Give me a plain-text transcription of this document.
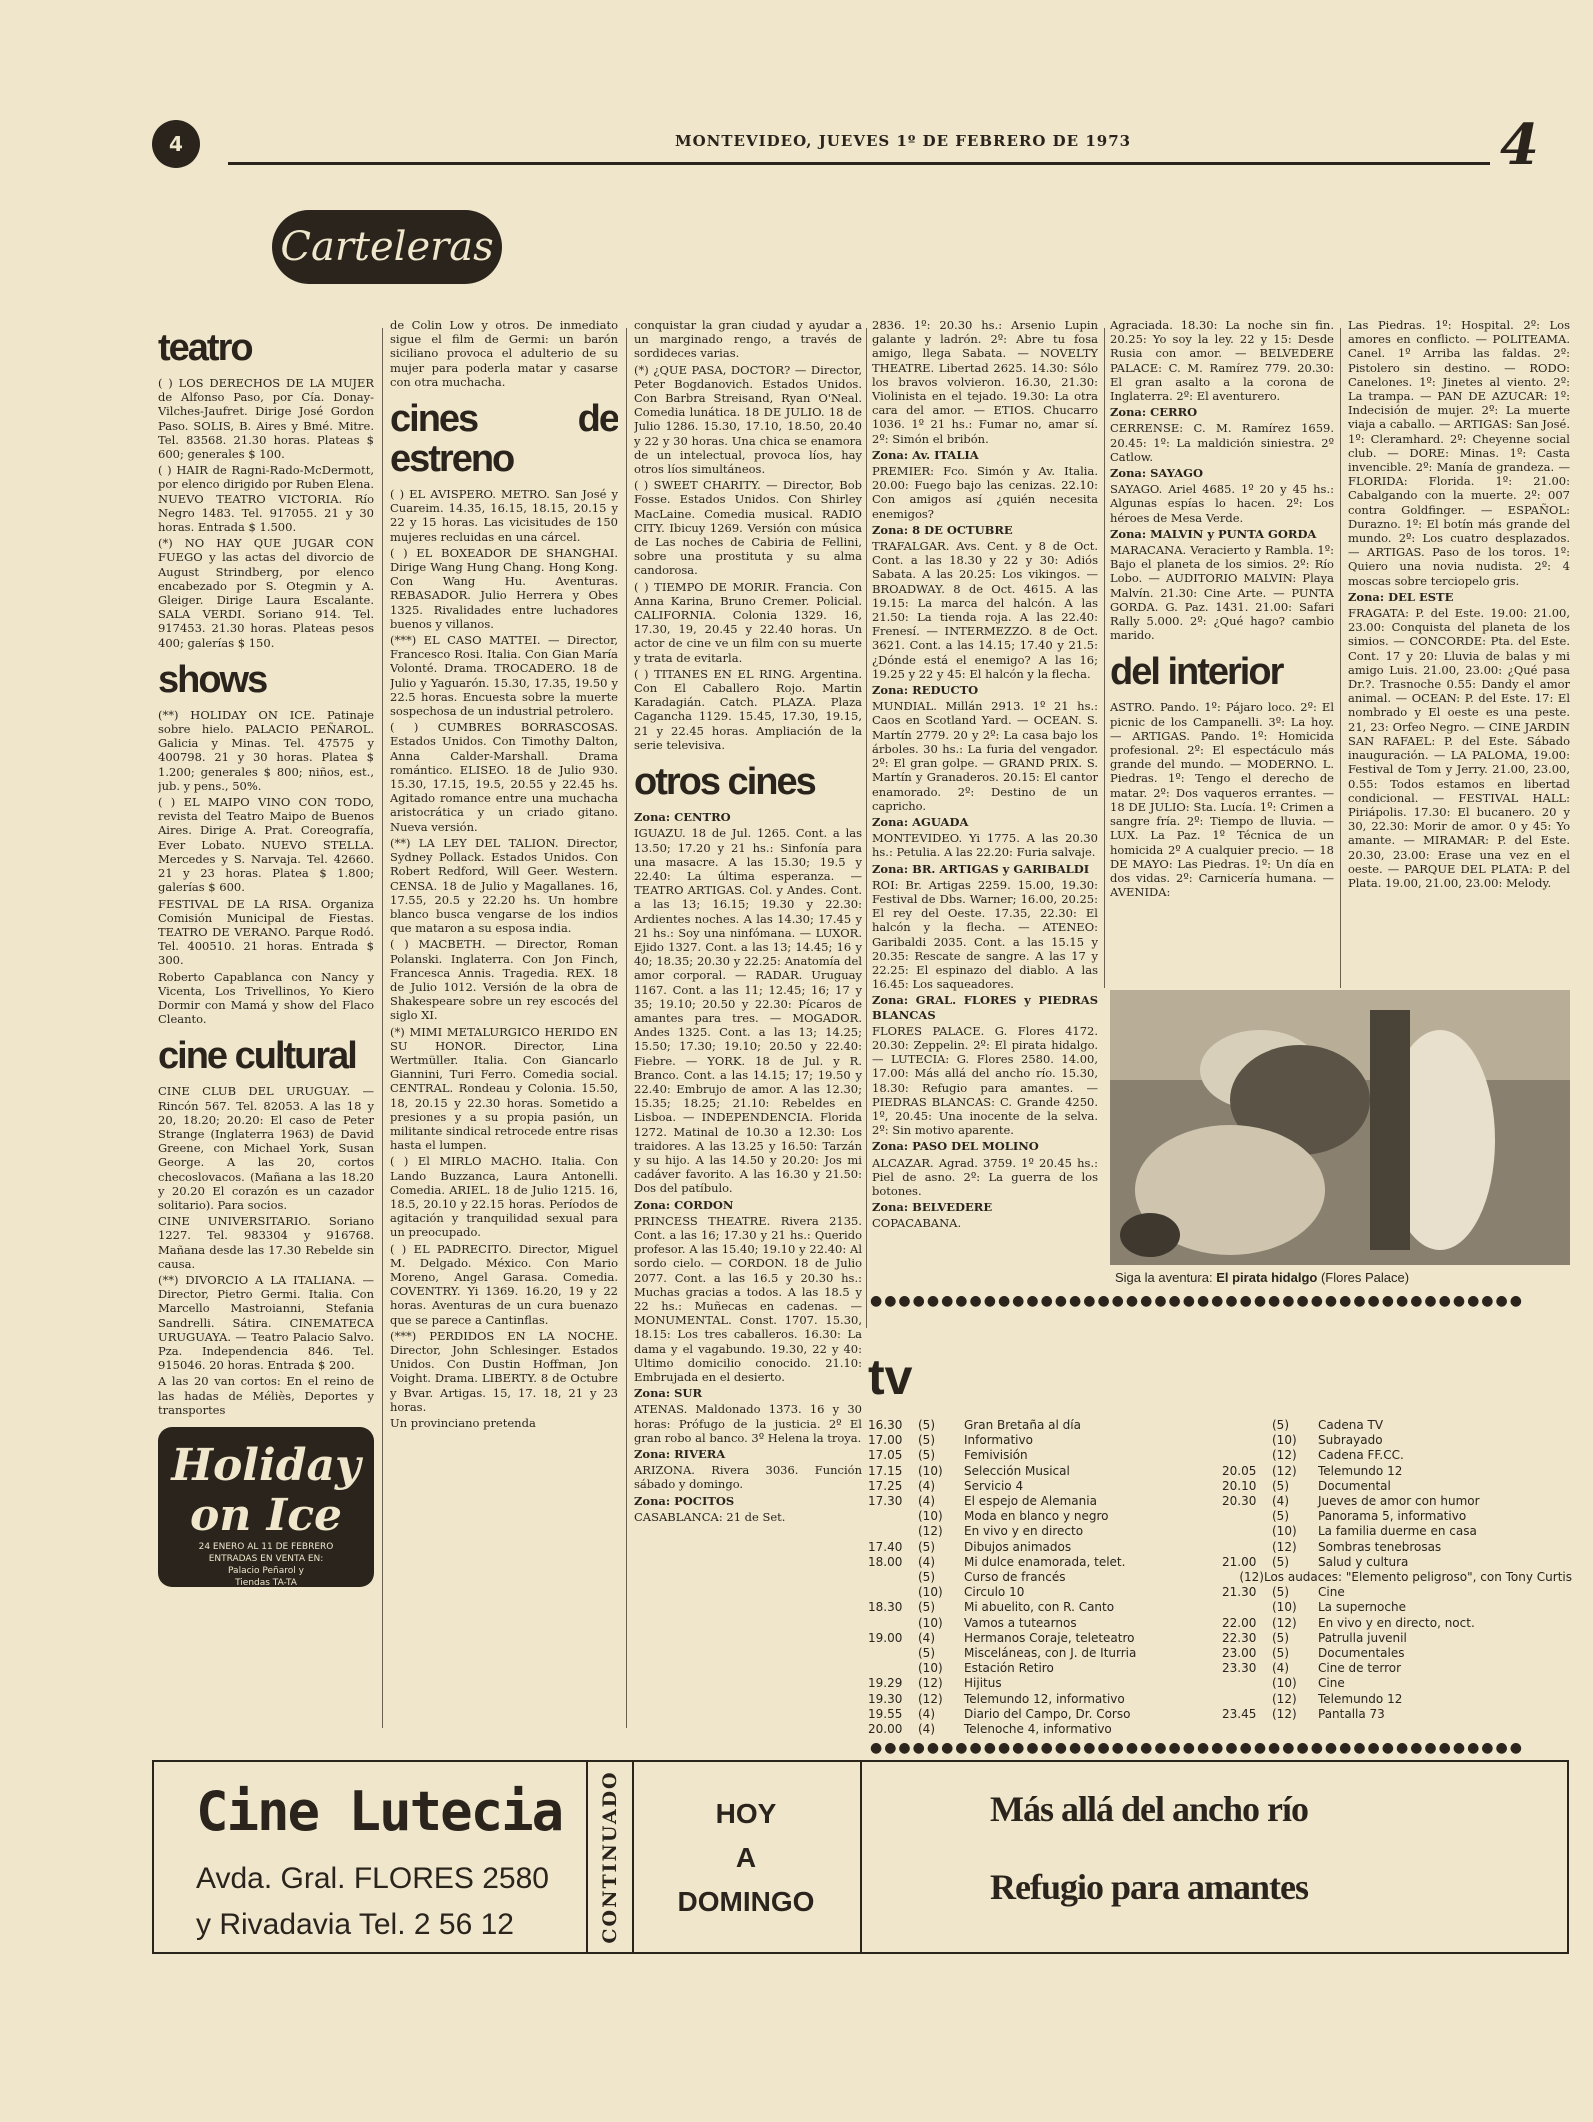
4	MONTEVIDEO, JUEVES 1º DE FEBRERO DE 1973	4
Carteleras
teatro

( ) LOS DERECHOS DE LA MUJER de Alfonso Paso, por Cía. Donay-Vilches-Jaufret. Dirige José Gordon Paso. SOLIS, B. Aires y Bmé. Mitre. Tel. 83568. 21.30 horas. Plateas $ 600; generales $ 100.

( ) HAIR de Ragni-Rado-McDermott, por elenco dirigido por Ruben Elena. NUEVO TEATRO VICTORIA. Río Negro 1483. Tel. 917055. 21 y 30 horas. Entrada $ 1.500.

(*) NO HAY QUE JUGAR CON FUEGO y las actas del divorcio de August Strindberg, por elenco encabezado por S. Otegmin y A. Gleiger. Dirige Laura Escalante. SALA VERDI. Soriano 914. Tel. 917453. 21.30 horas. Plateas pesos 400; galerías $ 150.

shows

(**) HOLIDAY ON ICE. Patinaje sobre hielo. PALACIO PEÑAROL. Galicia y Minas. Tel. 47575 y 400798. 21 y 30 horas. Platea $ 1.200; generales $ 800; niños, est., jub. y pens., 50%.

( ) EL MAIPO VINO CON TODO, revista del Teatro Maipo de Buenos Aires. Dirige A. Prat. Coreografía, Ever Lobato. NUEVO STELLA. Mercedes y S. Narvaja. Tel. 42660. 21 y 23 horas. Platea $ 1.800; galerías $ 600.

FESTIVAL DE LA RISA. Organiza Comisión Municipal de Fiestas. TEATRO DE VERANO. Parque Rodó. Tel. 400510. 21 horas. Entrada $ 300.

Roberto Capablanca con Nancy y Vicenta, Los Trivellinos, Yo Kiero Dormir con Mamá y show del Flaco Cleanto.

cine cultural

CINE CLUB DEL URUGUAY. — Rincón 567. Tel. 82053. A las 18 y 20, 18.20; 20.20: El caso de Peter Strange (Inglaterra 1963) de David Greene, con Michael York, Susan George. A las 20, cortos checoslovacos. (Mañana a las 18.20 y 20.20 El corazón es un cazador solitario). Para socios.

CINE UNIVERSITARIO. Soriano 1227. Tel. 983304 y 916768. Mañana desde las 17.30 Rebelde sin causa.

(**) DIVORCIO A LA ITALIANA. — Director, Pietro Germi. Italia. Con Marcello Mastroianni, Stefania Sandrelli. Sátira. CINEMATECA URUGUAYA. — Teatro Palacio Salvo. Pza. Independencia 846. Tel. 915046. 20 horas. Entrada $ 200.

A las 20 van cortos: En el reino de las hadas de Méliès, Deportes y transportes

Holiday on Ice
24 ENERO AL 11 DE FEBRERO
ENTRADAS EN VENTA EN:
Palacio Peñarol y
Tiendas TA-TA
Presenta: Palacio Peñarol

de Colin Low y otros. De inmediato sigue el film de Germi: un barón siciliano provoca el adulterio de su mujer para poderla matar y casarse con otra muchacha.

cines de estreno

( ) EL AVISPERO. METRO. San José y Cuareim. 14.35, 16.15, 18.15, 20.15 y 22 y 15 horas. Las vicisitudes de 150 mujeres recluidas en una cárcel.

( ) EL BOXEADOR DE SHANGHAI. Dirige Wang Hung Chang. Hong Kong. Con Wang Hu. Aventuras. REBASADOR. Julio Herrera y Obes 1325. Rivalidades entre luchadores buenos y villanos.

(***) EL CASO MATTEI. — Director, Francesco Rosi. Italia. Con Gian María Volonté. Drama. TROCADERO. 18 de Julio y Yaguarón. 15.30, 17.35, 19.50 y 22.5 horas. Encuesta sobre la muerte sospechosa de un industrial petrolero.

( ) CUMBRES BORRASCOSAS. Estados Unidos. Con Timothy Dalton, Anna Calder-Marshall. Drama romántico. ELISEO. 18 de Julio 930. 15.30, 17.15, 19.5, 20.55 y 22.45 hs. Agitado romance entre una muchacha aristocrática y un criado gitano. Nueva versión.

(**) LA LEY DEL TALION. Director, Sydney Pollack. Estados Unidos. Con Robert Redford, Will Geer. Western. CENSA. 18 de Julio y Magallanes. 16, 17.55, 20.5 y 22.20 hs. Un hombre blanco busca vengarse de los indios que mataron a su esposa india.

( ) MACBETH. — Director, Roman Polanski. Inglaterra. Con Jon Finch, Francesca Annis. Tragedia. REX. 18 de Julio 1012. Versión de la obra de Shakespeare sobre un rey escocés del siglo XI.

(*) MIMI METALURGICO HERIDO EN SU HONOR. Director, Lina Wertmüller. Italia. Con Giancarlo Giannini, Turi Ferro. Comedia social. CENTRAL. Rondeau y Colonia. 15.50, 18, 20.15 y 22.30 horas. Sometido a presiones y a su propia pasión, un militante sindical retrocede entre risas hasta el lumpen.

( ) El MIRLO MACHO. Italia. Con Lando Buzzanca, Laura Antonelli. Comedia. ARIEL. 18 de Julio 1215. 16, 18.5, 20.10 y 22.15 horas. Períodos de agitación y tranquilidad sexual para un preocupado.

( ) EL PADRECITO. Director, Miguel M. Delgado. México. Con Mario Moreno, Angel Garasa. Comedia. COVENTRY. Yi 1369. 16.20, 19 y 22 horas. Aventuras de un cura buenazo que se parece a Cantinflas.

(***) PERDIDOS EN LA NOCHE. Director, John Schlesinger. Estados Unidos. Con Dustin Hoffman, Jon Voight. Drama. LIBERTY. 8 de Octubre y Bvar. Artigas. 15, 17. 18, 21 y 23 horas.

Un provinciano pretenda

conquistar la gran ciudad y ayudar a un marginado rengo, a través de sordideces varias.

(*) ¿QUE PASA, DOCTOR? — Director, Peter Bogdanovich. Estados Unidos. Con Barbra Streisand, Ryan O'Neal. Comedia lunática. 18 DE JULIO. 18 de Julio 1286. 15.30, 17.10, 18.50, 20.40 y 22 y 30 horas. Una chica se enamora de un intelectual, provoca líos, hay otros líos simultáneos.

( ) SWEET CHARITY. — Director, Bob Fosse. Estados Unidos. Con Shirley MacLaine. Comedia musical. RADIO CITY. Ibicuy 1269. Versión con música de Las noches de Cabiria de Fellini, sobre una prostituta y su alma candorosa.

( ) TIEMPO DE MORIR. Francia. Con Anna Karina, Bruno Cremer. Policial. CALIFORNIA. Colonia 1329. 16, 17.30, 19, 20.45 y 22.40 horas. Un actor de cine ve un film con su muerte y trata de evitarla.

( ) TITANES EN EL RING. Argentina. Con El Caballero Rojo. Martin Karadagián. Catch. PLAZA. Plaza Cagancha 1129. 15.45, 17.30, 19.15, 21 y 22.45 horas. Ampliación de la serie televisiva.

otros cines

Zona: CENTRO

IGUAZU. 18 de Jul. 1265. Cont. a las 13.50; 17.20 y 21 hs.: Sinfonía para una masacre. A las 15.30; 19.5 y 22.40: La última esperanza. — TEATRO ARTIGAS. Col. y Andes. Cont. a las 13; 16.15; 19.30 y 22.30: Ardientes noches. A las 14.30; 17.45 y 21 hs.: Soy una ninfómana. — LUXOR. Ejido 1327. Cont. a las 13; 14.45; 16 y 40; 18.35; 20.30 y 22.25: Anatomía del amor corporal. — RADAR. Uruguay 1167. Cont. a las 11; 12.45; 16; 17 y 35; 19.10; 20.50 y 22.30: Pícaros de amantes para tres. — MOGADOR. Andes 1325. Cont. a las 13; 14.25; 15.50; 17.30; 19.10; 20.50 y 22.40: Fiebre. — YORK. 18 de Jul. y R. Branco. Cont. a las 14.15; 17; 19.50 y 22.40: Embrujo de amor. A las 12.30; 15.35; 18.25; 21.10: Rebeldes en Lisboa. — INDEPENDENCIA. Florida 1272. Matinal de 10.30 a 12.30: Los traidores. A las 13.25 y 16.50: Tarzán y su hijo. A las 14.50 y 20.20: Jos mi cadáver favorito. A las 16.30 y 21.50: Dos del patíbulo.

Zona: CORDON

PRINCESS THEATRE. Rivera 2135. Cont. a las 16; 17.30 y 21 hs.: Querido profesor. A las 15.40; 19.10 y 22.40: Al sordo cielo. — CORDON. 18 de Julio 2077. Cont. a las 16.5 y 20.30 hs.: Muchas gracias a todos. A las 18.5 y 22 hs.: Muñecas en cadenas. — MONUMENTAL. Const. 1707. 15.30, 18.15: Los tres caballeros. 16.30: La dama y el vagabundo. 19.30, 22 y 40: Ultimo domicilio conocido. 21.10: Embrujada en el desierto.

Zona: SUR

ATENAS. Maldonado 1373. 16 y 30 horas: Prófugo de la justicia. 2º El gran robo al banco. 3º Helena la troya.

Zona: RIVERA

ARIZONA. Rivera 3036. Función sábado y domingo.

Zona: POCITOS

CASABLANCA: 21 de Set.

2836. 1º: 20.30 hs.: Arsenio Lupin galante y ladrón. 2º: Abre tu fosa amigo, llega Sabata. — NOVELTY THEATRE. Libertad 2625. 14.30: Sólo los bravos volvieron. 16.30, 21.30: Violinista en el tejado. 19.30: La otra cara del amor. — ETIOS. Chucarro 1036. 1º 21 hs.: Fumar no, amar sí. 2º: Simón el bribón.

Zona: Av. ITALIA

PREMIER: Fco. Simón y Av. Italia. 20.00: Fuego bajo las cenizas. 22.10: Con amigos así ¿quién necesita enemigos?

Zona: 8 DE OCTUBRE

TRAFALGAR. Avs. Cent. y 8 de Oct. Cont. a las 18.30 y 22 y 30: Adiós Sabata. A las 20.25: Los vikingos. — BROADWAY. 8 de Oct. 4615. A las 19.15: La marca del halcón. A las 21.50: La tienda roja. A las 22.40: Frenesí. — INTERMEZZO. 8 de Oct. 3621. Cont. a las 14.15; 17.40 y 21.5: ¿Dónde está el enemigo? A las 16; 19.25 y 22 y 45: El halcón y la flecha.

Zona: REDUCTO

MUNDIAL. Millán 2913. 1º 21 hs.: Caos en Scotland Yard. — OCEAN. S. Martín 2779. 20 y 2º: La casa bajo los árboles. 30 hs.: La furia del vengador. 2º: El gran golpe. — GRAND PRIX. S. Martín y Granaderos. 20.15: El cantor enamorado. 2º: Destino de un capricho.

Zona: AGUADA

MONTEVIDEO. Yi 1775. A las 20.30 hs.: Petulia. A las 22.20: Furia salvaje.

Zona: BR. ARTIGAS y GARIBALDI

ROI: Br. Artigas 2259. 15.00, 19.30: Festival de Dbs. Warner; 16.00, 20.25: El rey del Oeste. 17.35, 22.30: El halcón y la flecha. — ATENEO: Garibaldi 2035. Cont. a las 15.15 y 20.35: Rescate de sangre. A las 17 y 22.25: El espinazo del diablo. A las 16.45: Los saqueadores.

Zona: GRAL. FLORES y PIEDRAS BLANCAS

FLORES PALACE. G. Flores 4172. 20.30: Zeppelin. 2º: El pirata hidalgo. — LUTECIA: G. Flores 2580. 14.00, 17.00: Más allá del ancho río. 15.30, 18.30: Refugio para amantes. — PIEDRAS BLANCAS: C. Grande 4250. 1º, 20.45: Una inocente de la selva. 2º: Sin motivo aparente.

Zona: PASO DEL MOLINO

ALCAZAR. Agrad. 3759. 1º 20.45 hs.: Piel de asno. 2º: La guerra de los botones.

Zona: BELVEDERE

COPACABANA.

Agraciada. 18.30: La noche sin fin. 20.25: Yo soy la ley. 22 y 15: Desde Rusia con amor. — BELVEDERE PALACE: C. M. Ramírez 779. 20.30: El gran asalto a la corona de Inglaterra. 2º: El aventurero.

Zona: CERRO

CERRENSE: C. M. Ramírez 1659. 20.45: 1º: La maldición siniestra. 2º Catlow.

Zona: SAYAGO

SAYAGO. Ariel 4685. 1º 20 y 45 hs.: Algunas espías lo hacen. 2º: Los héroes de Mesa Verde.

Zona: MALVIN y PUNTA GORDA

MARACANA. Veracierto y Rambla. 1º: Bajo el planeta de los simios. 2º: Río Lobo. — AUDITORIO MALVIN: Playa Malvín. 21.30: Cine Arte. — PUNTA GORDA. G. Paz. 1431. 21.00: Safari Rally 5.000. 2º: ¿Qué hago? cambio marido.

del interior

ASTRO. Pando. 1º: Pájaro loco. 2º: El picnic de los Campanelli. 3º: La hoy. — ARTIGAS. Pando. 1º: Homicida profesional. 2º: El espectáculo más grande del mundo. — MODERNO. L. Piedras. 1º: Tengo el derecho de matar. 2º: Dos vaqueros errantes. — 18 DE JULIO: Sta. Lucía. 1º: Crimen a sangre fría. 2º: Tiempo de lluvia. — LUX. La Paz. 1º Técnica de un homicida 2º A cualquier precio. — 18 DE MAYO: Las Piedras. 1º: Un día en dos vidas. 2º: Carnicería humana. — AVENIDA:

Las Piedras. 1º: Hospital. 2º: Los amores en conflicto. — POLITEAMA. Canel. 1º Arriba las faldas. 2º: Pistolero sin destino. — RODO: Canelones. 1º: Jinetes al viento. 2º: La trampa. — PAN DE AZUCAR: 1º: Indecisión de mujer. 2º: La muerte viaja a caballo. — ARTIGAS: San José. 1º: Cleramhard. 2º: Cheyenne social club. — DORE: Minas. 1º: Casta invencible. 2º: Manía de grandeza. — FLORIDA: Florida. 1º: 21.00: Cabalgando con la muerte. 2º: 007 contra Goldfinger. — ESPAÑOL: Durazno. 1º: El botín más grande del mundo. 2º: Los cuatro desplazados. — ARTIGAS. Paso de los toros. 1º: Quiero una novia nudista. 2º: 4 moscas sobre terciopelo gris.

Zona: DEL ESTE

FRAGATA: P. del Este. 19.00: 21.00, 23.00: Conquista del planeta de los simios. — CONCORDE: Pta. del Este. Cont. 17 y 20: Lluvia de balas y mi amigo Luis. 21.00, 23.00: ¿Qué pasa Dr.?. Trasnoche 0.55: Dandy el amor animal. — OCEAN: P. del Este. 17: El nombrado y El oeste es una peste. 21, 23: Orfeo Negro. — CINE JARDIN SAN RAFAEL: P. del Este. Sábado inauguración. — LA PALOMA, 19.00: Festival de Tom y Jerry. 21.00, 23.00, 0.55: Todos estamos en libertad condicional. — FESTIVAL HALL: Piriápolis. 17.30: El bucanero. 20 y 30, 22.30: Morir de amor. 0 y 45: Yo amante. — MIRAMAR: P. del Este. 20.30, 23.00: Erase una vez en el oeste. — PARQUE DEL PLATA: P. del Plata. 19.00, 21.00, 23.00: Melody.

Siga la aventura: El pirata hidalgo (Flores Palace)
●●●●●●●●●●●●●●●●●●●●●●●●●●●●●●●●●●●●●●●●●●●●●●
tv
16.30	(5)	Gran Bretaña al día
17.00	(5)	Informativo
17.05	(5)	Femivisión
17.15	(10)	Selección Musical
17.25	(4)	Servicio 4
17.30	(4)	El espejo de Alemania
(10)	Moda en blanco y negro
(12)	En vivo y en directo
17.40	(5)	Dibujos animados
18.00	(4)	Mi dulce enamorada, telet.
(5)	Curso de francés
(10)	Circulo 10
18.30	(5)	Mi abuelito, con R. Canto
(10)	Vamos a tutearnos
19.00	(4)	Hermanos Coraje, teleteatro
(5)	Misceláneas, con J. de Iturria
(10)	Estación Retiro
19.29	(12)	Hijitus
19.30	(12)	Telemundo 12, informativo
19.55	(4)	Diario del Campo, Dr. Corso
20.00	(4)	Telenoche 4, informativo
(5)	Cadena TV
(10)	Subrayado
(12)	Cadena FF.CC.
20.05	(12)	Telemundo 12
20.10	(5)	Documental
20.30	(4)	Jueves de amor con humor
(5)	Panorama 5, informativo
(10)	La familia duerme en casa
(12)	Sombras tenebrosas
21.00	(5)	Salud y cultura
(12) Los audaces: "Elemento peligroso", con Tony Curtis
21.30	(5)	Cine
(10)	La supernoche
22.00	(12)	En vivo y en directo, noct.
22.30	(5)	Patrulla juvenil
23.00	(5)	Documentales
23.30	(4)	Cine de terror
(10)	Cine
(12)	Telemundo 12
23.45	(12)	Pantalla 73
●●●●●●●●●●●●●●●●●●●●●●●●●●●●●●●●●●●●●●●●●●●●●●
Cine Lutecia
Avda. Gral. FLORES 2580
y Rivadavia Tel. 2 56 12	CONTINUADO	HOY
A
DOMINGO
Más allá del ancho río
Refugio para amantes
